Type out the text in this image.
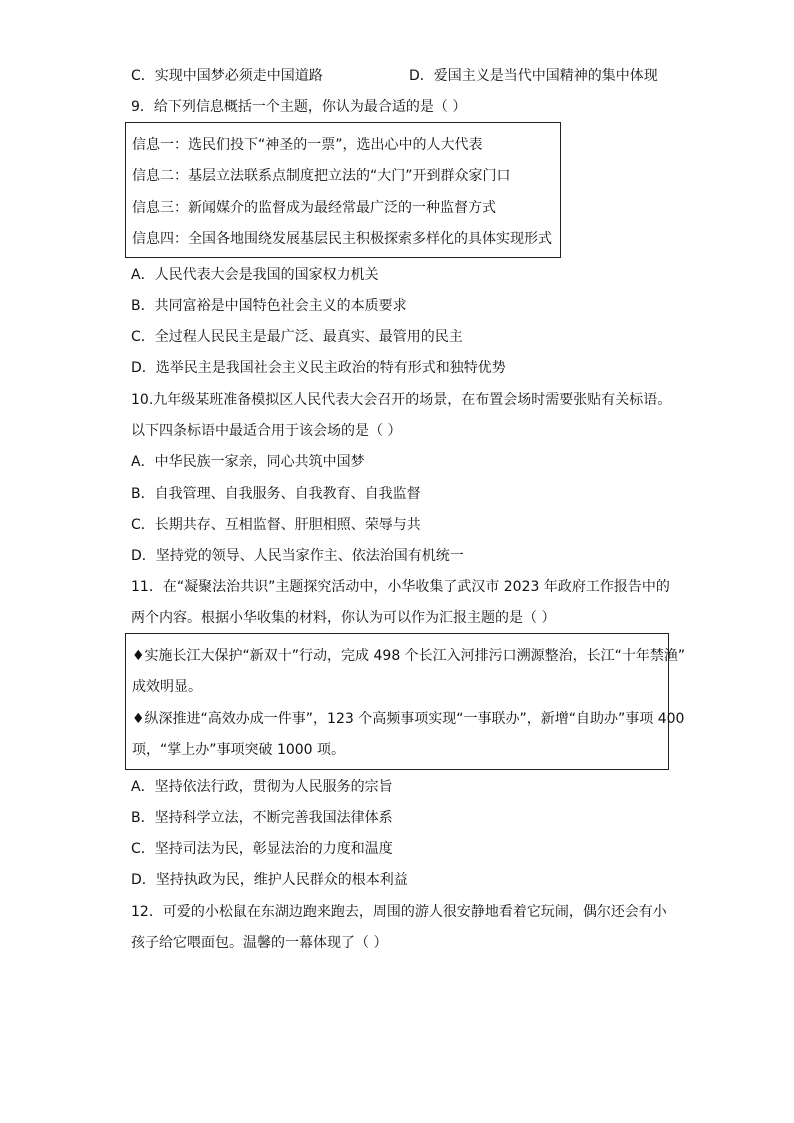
C．实现中国梦必须走中国道路	D．爱国主义是当代中国精神的集中体现
9．给下列信息概括一个主题，你认为最合适的是（ ）
信息一：选民们投下“神圣的一票”，选出心中的人大代表
信息二：基层立法联系点制度把立法的“大门”开到群众家门口
信息三：新闻媒介的监督成为最经常最广泛的一种监督方式
信息四：全国各地围绕发展基层民主积极探索多样化的具体实现形式
A．人民代表大会是我国的国家权力机关
B．共同富裕是中国特色社会主义的本质要求
C．全过程人民民主是最广泛、最真实、最管用的民主
D．选举民主是我国社会主义民主政治的特有形式和独特优势
10.九年级某班准备模拟区人民代表大会召开的场景，在布置会场时需要张贴有关标语。
以下四条标语中最适合用于该会场的是（ ）
A．中华民族一家亲，同心共筑中国梦
B．自我管理、自我服务、自我教育、自我监督
C．长期共存、互相监督、肝胆相照、荣辱与共
D．坚持党的领导、人民当家作主、依法治国有机统一
11．在“凝聚法治共识”主题探究活动中，小华收集了武汉市 2023 年政府工作报告中的
两个内容。根据小华收集的材料，你认为可以作为汇报主题的是（ ）
♦实施长江大保护“新双十”行动，完成 498 个长江入河排污口溯源整治，长江“十年禁渔”
成效明显。
♦纵深推进“高效办成一件事”，123 个高频事项实现“一事联办”，新增“自助办”事项 400
项，“掌上办”事项突破 1000 项。
A．坚持依法行政，贯彻为人民服务的宗旨
B．坚持科学立法，不断完善我国法律体系
C．坚持司法为民，彰显法治的力度和温度
D．坚持执政为民，维护人民群众的根本利益
12．可爱的小松鼠在东湖边跑来跑去，周围的游人很安静地看着它玩闹，偶尔还会有小
孩子给它喂面包。温馨的一幕体现了（ ）
